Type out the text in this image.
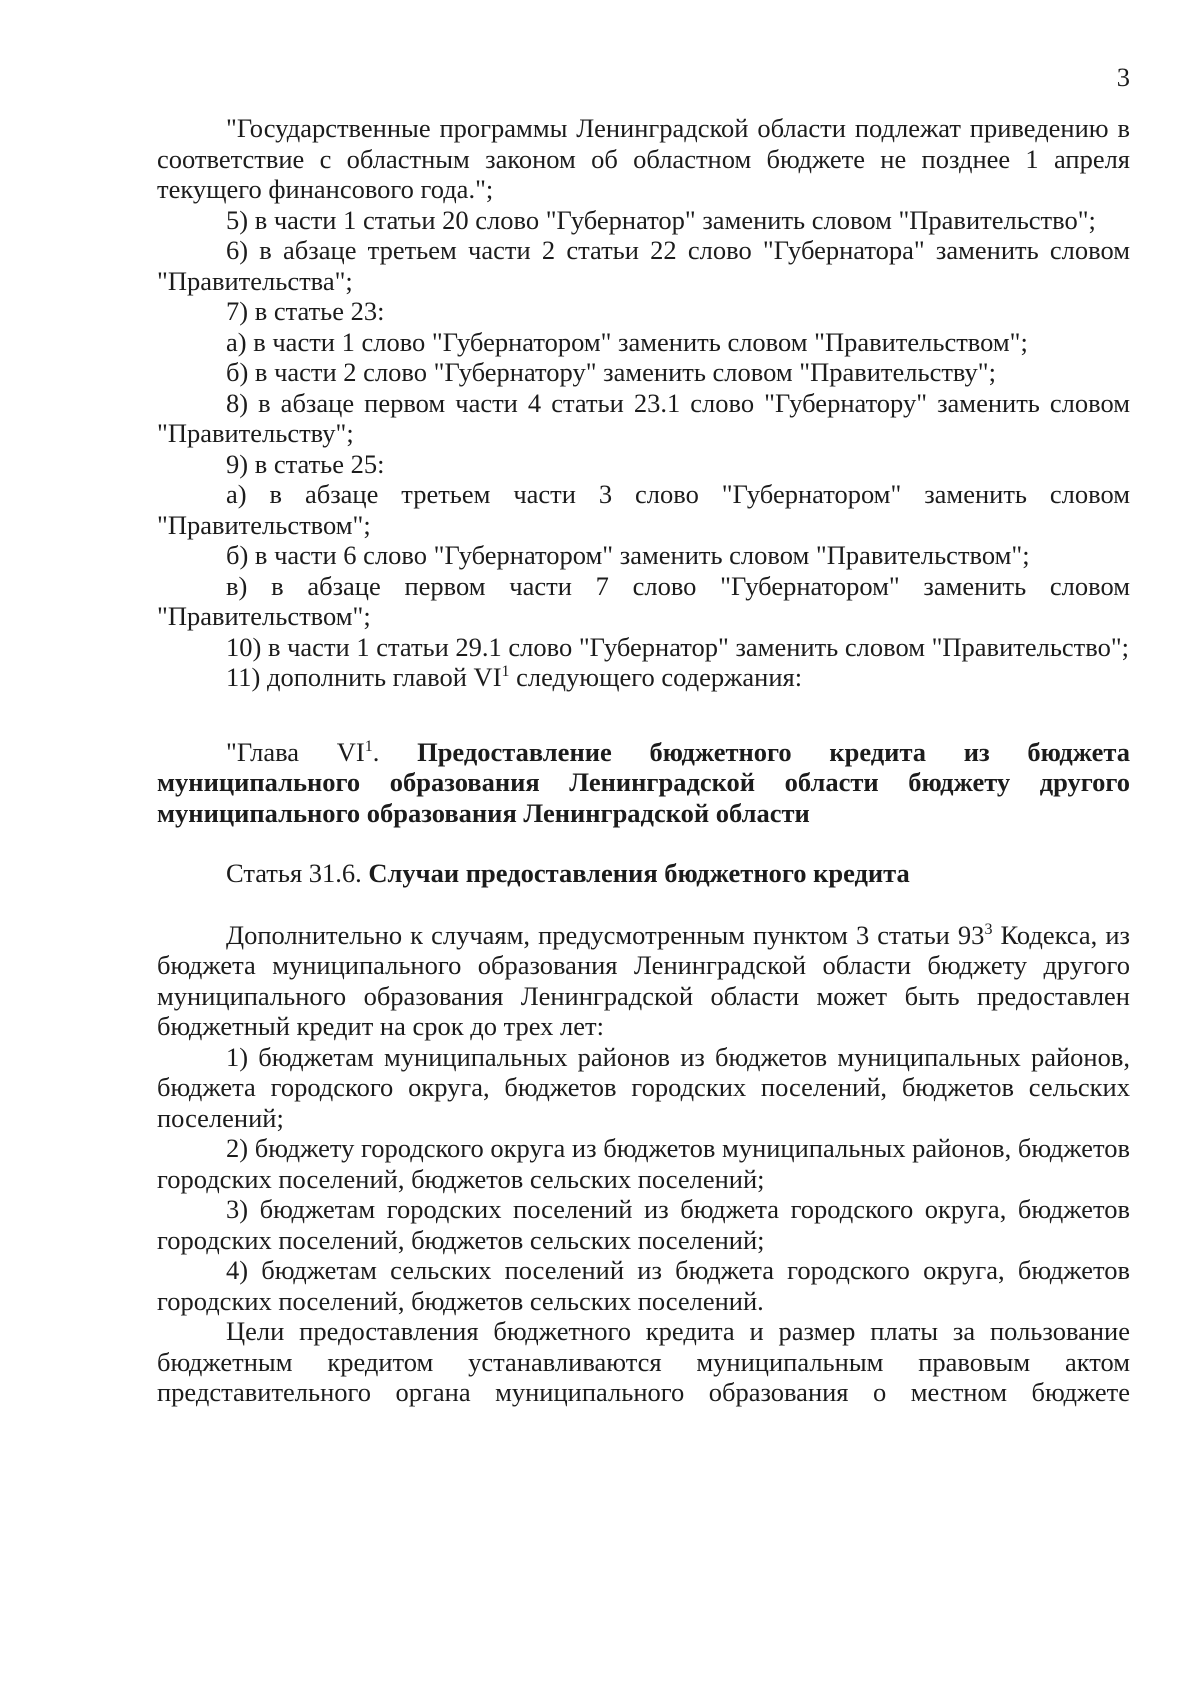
3

"Государственные программы Ленинградской области подлежат приведению в соответствие с областным законом об областном бюджете не позднее 1 апреля текущего финансового года.";

5) в части 1 статьи 20 слово "Губернатор" заменить словом "Правительство";

6) в абзаце третьем части 2 статьи 22 слово "Губернатора" заменить словом "Правительства";

7) в статье 23:

а) в части 1 слово "Губернатором" заменить словом "Правительством";

б) в части 2 слово "Губернатору" заменить словом "Правительству";

8) в абзаце первом части 4 статьи 23.1 слово "Губернатору" заменить словом "Правительству";

9) в статье 25:

а) в абзаце третьем части 3 слово "Губернатором" заменить словом "Правительством";

б) в части 6 слово "Губернатором" заменить словом "Правительством";

в) в абзаце первом части 7 слово "Губернатором" заменить словом "Правительством";

10) в части 1 статьи 29.1 слово "Губернатор" заменить словом "Правительство";

11) дополнить главой $VI^1$ следующего содержания:

"Глава $VI^1$. Предоставление бюджетного кредита из бюджета муниципального образования Ленинградской области бюджету другого муниципального образования Ленинградской области

Статья 31.6. Случаи предоставления бюджетного кредита

Дополнительно к случаям, предусмотренным пунктом 3 статьи $93^3$ Кодекса, из бюджета муниципального образования Ленинградской области бюджету другого муниципального образования Ленинградской области может быть предоставлен бюджетный кредит на срок до трех лет:

1) бюджетам муниципальных районов из бюджетов муниципальных районов, бюджета городского округа, бюджетов городских поселений, бюджетов сельских поселений;

2) бюджету городского округа из бюджетов муниципальных районов, бюджетов городских поселений, бюджетов сельских поселений;

3) бюджетам городских поселений из бюджета городского округа, бюджетов городских поселений, бюджетов сельских поселений;

4) бюджетам сельских поселений из бюджета городского округа, бюджетов городских поселений, бюджетов сельских поселений.

Цели предоставления бюджетного кредита и размер платы за пользование бюджетным кредитом устанавливаются муниципальным правовым актом представительного органа муниципального образования о местном бюджете
